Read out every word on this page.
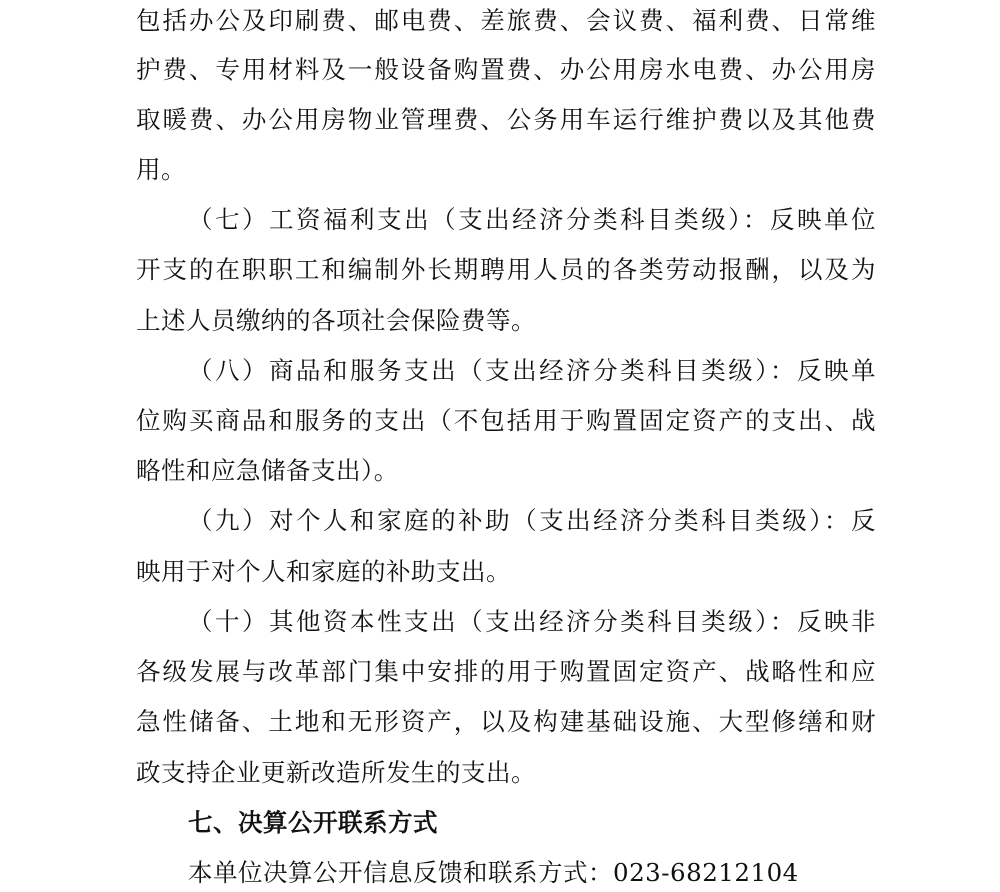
包括办公及印刷费、邮电费、差旅费、会议费、福利费、日常维
护费、专用材料及一般设备购置费、办公用房水电费、办公用房
取暖费、办公用房物业管理费、公务用车运行维护费以及其他费
用。
（七）工资福利支出（支出经济分类科目类级）：反映单位
开支的在职职工和编制外长期聘用人员的各类劳动报酬，以及为
上述人员缴纳的各项社会保险费等。
（八）商品和服务支出（支出经济分类科目类级）：反映单
位购买商品和服务的支出（不包括用于购置固定资产的支出、战
略性和应急储备支出）。
（九）对个人和家庭的补助（支出经济分类科目类级）：反
映用于对个人和家庭的补助支出。
（十）其他资本性支出（支出经济分类科目类级）：反映非
各级发展与改革部门集中安排的用于购置固定资产、战略性和应
急性储备、土地和无形资产，以及构建基础设施、大型修缮和财
政支持企业更新改造所发生的支出。
七、决算公开联系方式
本单位决算公开信息反馈和联系方式：023-68212104
